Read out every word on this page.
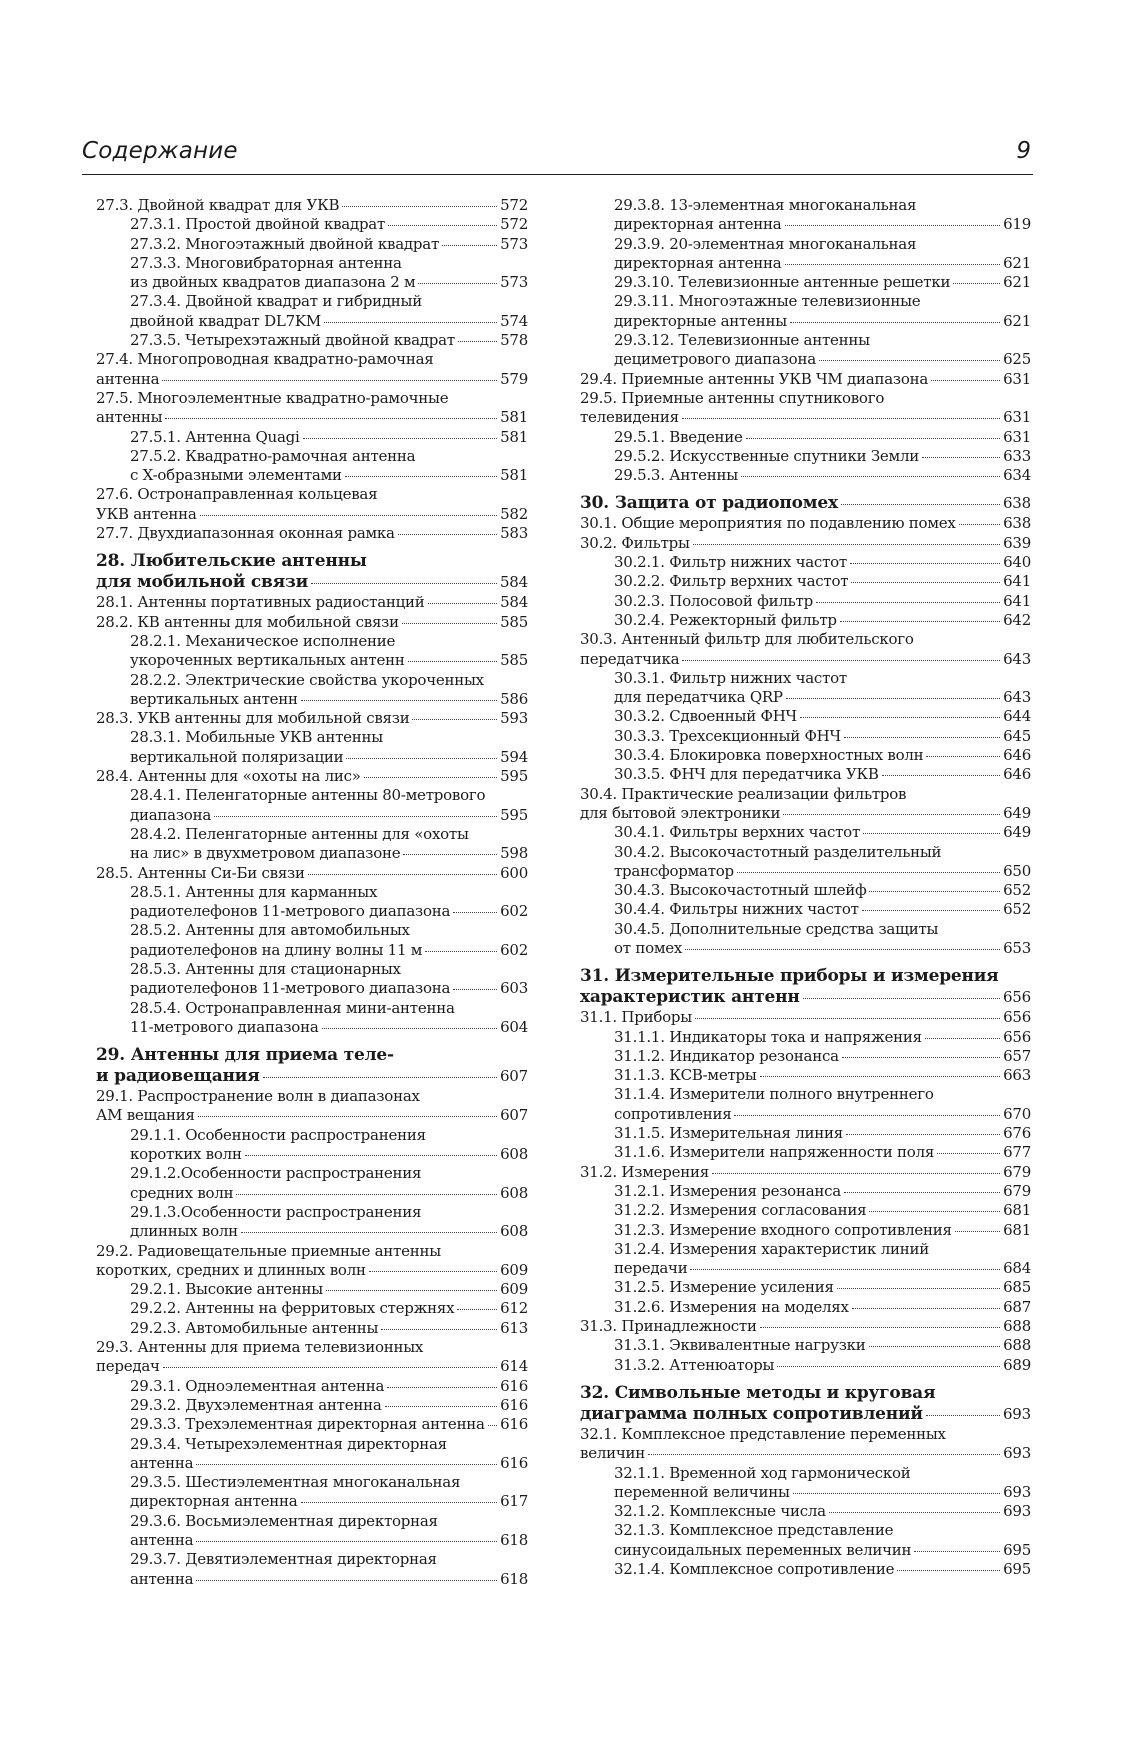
Содержание	9
27.3. Двойной квадрат для УКВ	572
27.3.1. Простой двойной квадрат	572
27.3.2. Многоэтажный двойной квадрат	573
27.3.3. Многовибраторная антенна
из двойных квадратов диапазона 2 м	573
27.3.4. Двойной квадрат и гибридный
двойной квадрат DL7KM	574
27.3.5. Четырехэтажный двойной квадрат	578
27.4. Многопроводная квадратно-рамочная
антенна	579
27.5. Многоэлементные квадратно-рамочные
антенны	581
27.5.1. Антенна Quagi	581
27.5.2. Квадратно-рамочная антенна
с X-образными элементами	581
27.6. Остронаправленная кольцевая
УКВ антенна	582
27.7. Двухдиапазонная оконная рамка	583
28. Любительские антенны
для мобильной связи	584
28.1. Антенны портативных радиостанций	584
28.2. КВ антенны для мобильной связи	585
28.2.1. Механическое исполнение
укороченных вертикальных антенн	585
28.2.2. Электрические свойства укороченных
вертикальных антенн	586
28.3. УКВ антенны для мобильной связи	593
28.3.1. Мобильные УКВ антенны
вертикальной поляризации	594
28.4. Антенны для «охоты на лис»	595
28.4.1. Пеленгаторные антенны 80-метрового
диапазона	595
28.4.2. Пеленгаторные антенны для «охоты
на лис» в двухметровом диапазоне	598
28.5. Антенны Си-Би связи	600
28.5.1. Антенны для карманных
радиотелефонов 11-метрового диапазона	602
28.5.2. Антенны для автомобильных
радиотелефонов на длину волны 11 м	602
28.5.3. Антенны для стационарных
радиотелефонов 11-метрового диапазона	603
28.5.4. Остронаправленная мини-антенна
11-метрового диапазона	604
29. Антенны для приема теле-
и радиовещания	607
29.1. Распространение волн в диапазонах
АМ вещания	607
29.1.1. Особенности распространения
коротких волн	608
29.1.2.Особенности распространения
средних волн	608
29.1.3.Особенности распространения
длинных волн	608
29.2. Радиовещательные приемные антенны
коротких, средних и длинных волн	609
29.2.1. Высокие антенны	609
29.2.2. Антенны на ферритовых стержнях	612
29.2.3. Автомобильные антенны	613
29.3. Антенны для приема телевизионных
передач	614
29.3.1. Одноэлементная антенна	616
29.3.2. Двухэлементная антенна	616
29.3.3. Трехэлементная директорная антенна 616
29.3.4. Четырехэлементная директорная
антенна	616
29.3.5. Шестиэлементная многоканальная
директорная антенна	617
29.3.6. Восьмиэлементная директорная
антенна	618
29.3.7. Девятиэлементная директорная
антенна	618
29.3.8. 13-элементная многоканальная
директорная антенна	619
29.3.9. 20-элементная многоканальная
директорная антенна	621
29.3.10. Телевизионные антенные решетки	621
29.3.11. Многоэтажные телевизионные
директорные антенны	621
29.3.12. Телевизионные антенны
дециметрового диапазона	625
29.4. Приемные антенны УКВ ЧМ диапазона	631
29.5. Приемные антенны спутникового
телевидения	631
29.5.1. Введение	631
29.5.2. Искусственные спутники Земли	633
29.5.3. Антенны	634
30. Защита от радиопомех	638
30.1. Общие мероприятия по подавлению помех	638
30.2. Фильтры	639
30.2.1. Фильтр нижних частот	640
30.2.2. Фильтр верхних частот	641
30.2.3. Полосовой фильтр	641
30.2.4. Режекторный фильтр	642
30.3. Антенный фильтр для любительского
передатчика	643
30.3.1. Фильтр нижних частот
для передатчика QRP	643
30.3.2. Сдвоенный ФНЧ	644
30.3.3. Трехсекционный ФНЧ	645
30.3.4. Блокировка поверхностных волн	646
30.3.5. ФНЧ для передатчика УКВ	646
30.4. Практические реализации фильтров
для бытовой электроники	649
30.4.1. Фильтры верхних частот	649
30.4.2. Высокочастотный разделительный
трансформатор	650
30.4.3. Высокочастотный шлейф	652
30.4.4. Фильтры нижних частот	652
30.4.5. Дополнительные средства защиты
от помех	653
31. Измерительные приборы и измерения
характеристик антенн	656
31.1. Приборы	656
31.1.1. Индикаторы тока и напряжения	656
31.1.2. Индикатор резонанса	657
31.1.3. КСВ-метры	663
31.1.4. Измерители полного внутреннего
сопротивления	670
31.1.5. Измерительная линия	676
31.1.6. Измерители напряженности поля	677
31.2. Измерения	679
31.2.1. Измерения резонанса	679
31.2.2. Измерения согласования	681
31.2.3. Измерение входного сопротивления	681
31.2.4. Измерения характеристик линий
передачи	684
31.2.5. Измерение усиления	685
31.2.6. Измерения на моделях	687
31.3. Принадлежности	688
31.3.1. Эквивалентные нагрузки	688
31.3.2. Аттенюаторы	689
32. Символьные методы и круговая
диаграмма полных сопротивлений	693
32.1. Комплексное представление переменных
величин	693
32.1.1. Временной ход гармонической
переменной величины	693
32.1.2. Комплексные числа	693
32.1.3. Комплексное представление
синусоидальных переменных величин	695
32.1.4. Комплексное сопротивление	695
